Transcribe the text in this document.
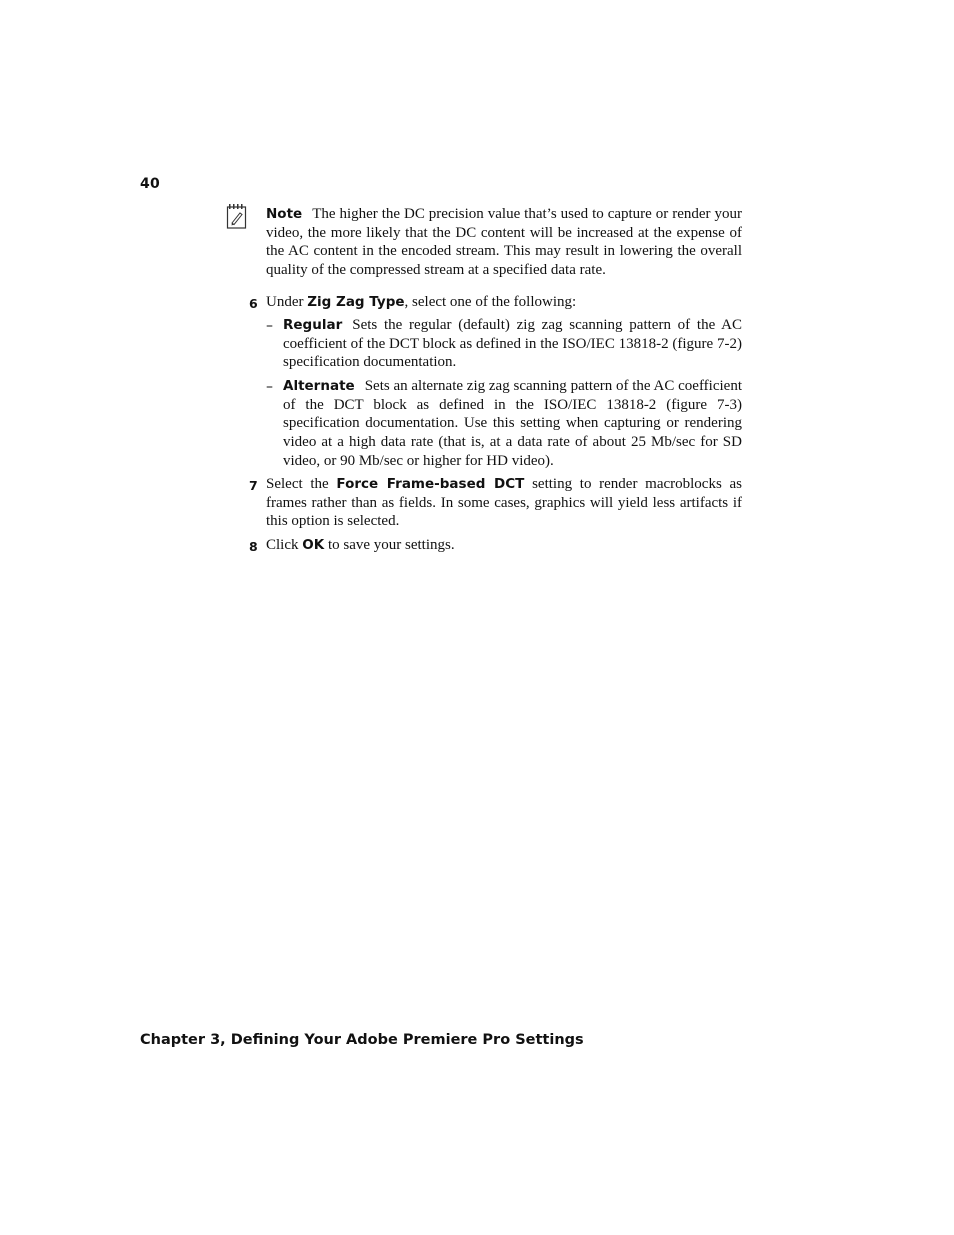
40
Note The higher the DC precision value that’s used to capture or render your video, the more likely that the DC content will be increased at the expense of the AC content in the encoded stream. This may result in lowering the overall quality of the compressed stream at a specified data rate.
6 Under Zig Zag Type, select one of the following:
– Regular Sets the regular (default) zig zag scanning pattern of the AC coefficient of the DCT block as defined in the ISO/IEC 13818-2 (figure 7-2) specification documentation.
– Alternate Sets an alternate zig zag scanning pattern of the AC coefficient of the DCT block as defined in the ISO/IEC 13818-2 (figure 7-3) specification documentation. Use this setting when capturing or rendering video at a high data rate (that is, at a data rate of about 25 Mb/sec for SD video, or 90 Mb/sec or higher for HD video).
7 Select the Force Frame-based DCT setting to render macroblocks as frames rather than as fields. In some cases, graphics will yield less artifacts if this option is selected.
8 Click OK to save your settings.
Chapter 3, Defining Your Adobe Premiere Pro Settings
